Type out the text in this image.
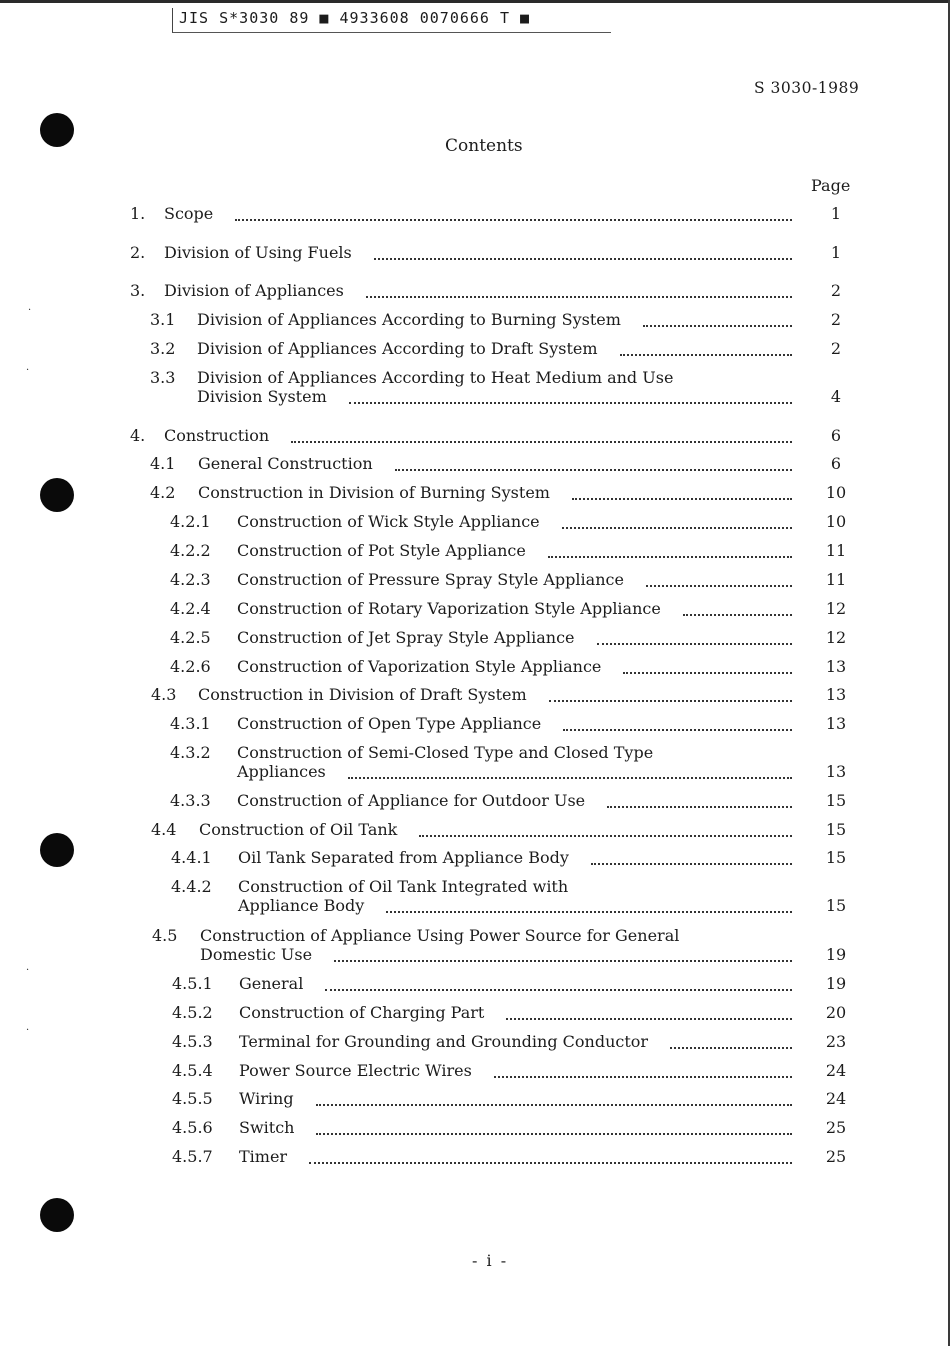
JIS S*3030 89 ■ 4933608 0070666 T ■
S 3030-1989
Contents
Page
·
·
·
·
1. Scope	1
2. Division of Using Fuels	1
3. Division of Appliances	2
3.1 Division of Appliances According to Burning System	2
3.2 Division of Appliances According to Draft System	2
3.3 Division of Appliances According to Heat Medium and Use
Division System	4
4. Construction	6
4.1 General Construction	6
4.2 Construction in Division of Burning System	10
4.2.1 Construction of Wick Style Appliance	10
4.2.2 Construction of Pot Style Appliance	11
4.2.3 Construction of Pressure Spray Style Appliance	11
4.2.4 Construction of Rotary Vaporization Style Appliance	12
4.2.5 Construction of Jet Spray Style Appliance	12
4.2.6 Construction of Vaporization Style Appliance	13
4.3 Construction in Division of Draft System	13
4.3.1 Construction of Open Type Appliance	13
4.3.2 Construction of Semi-Closed Type and Closed Type
Appliances	13
4.3.3 Construction of Appliance for Outdoor Use	15
4.4 Construction of Oil Tank	15
4.4.1 Oil Tank Separated from Appliance Body	15
4.4.2 Construction of Oil Tank Integrated with
Appliance Body	15
4.5 Construction of Appliance Using Power Source for General
Domestic Use	19
4.5.1 General	19
4.5.2 Construction of Charging Part	20
4.5.3 Terminal for Grounding and Grounding Conductor	23
4.5.4 Power Source Electric Wires	24
4.5.5 Wiring	24
4.5.6 Switch	25
4.5.7 Timer	25
- i -
